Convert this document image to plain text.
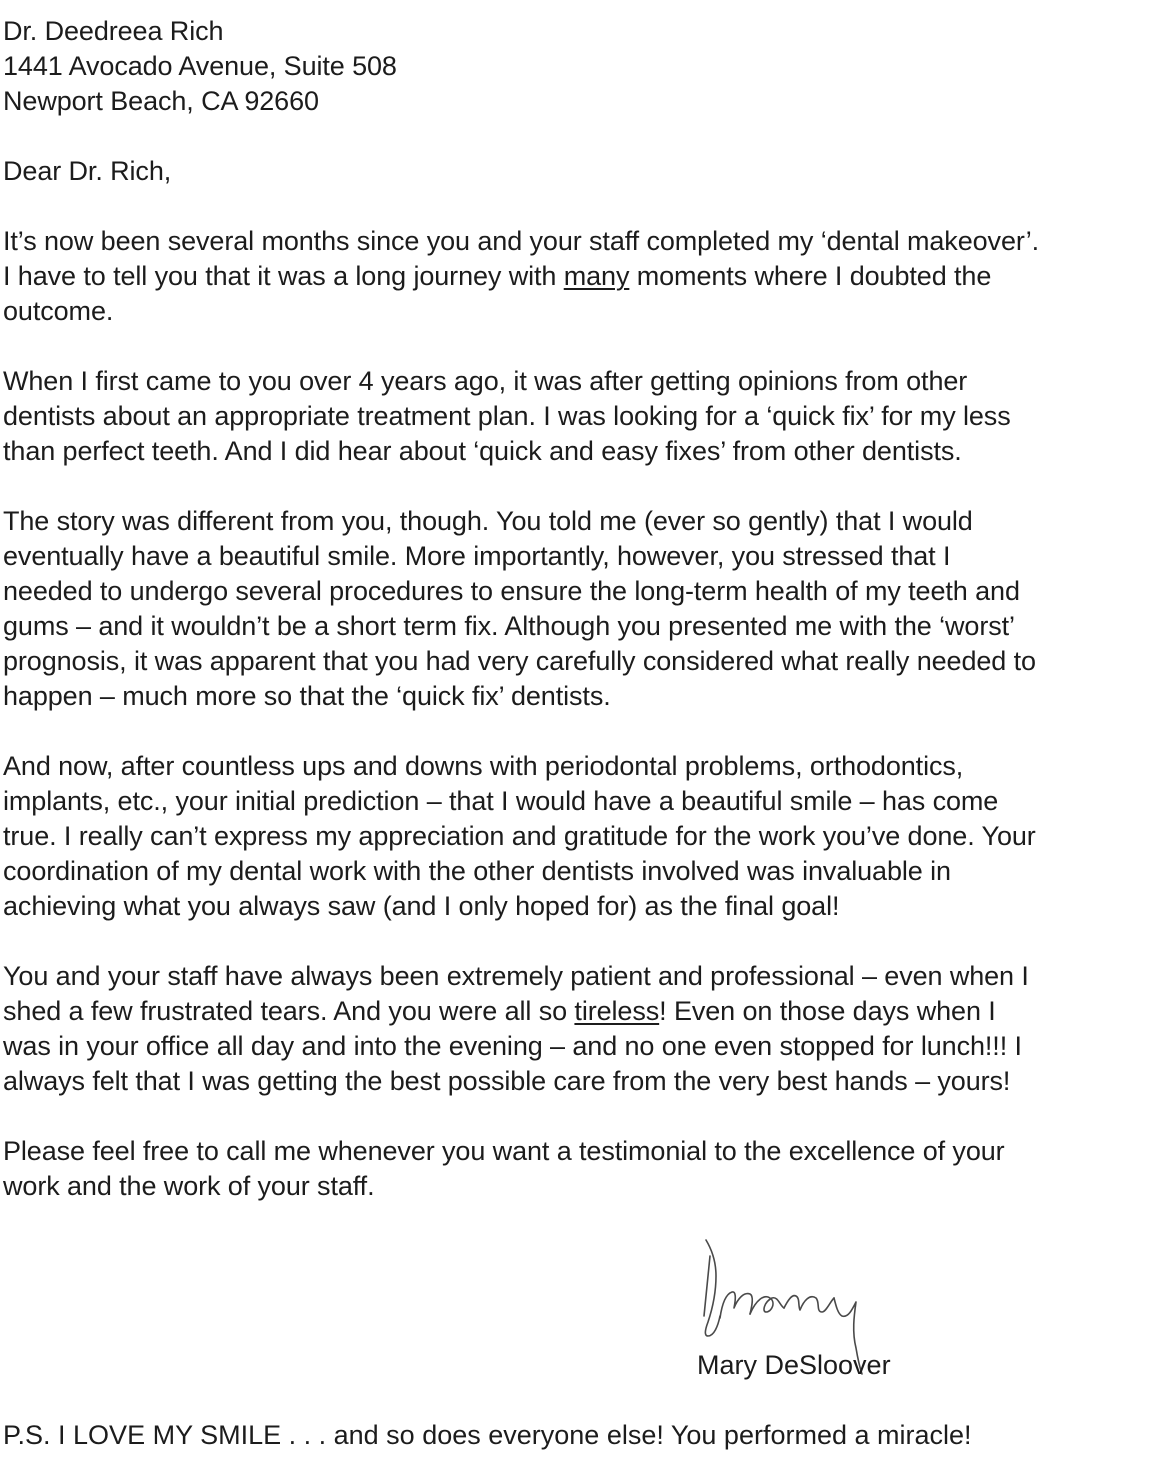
Dr. Deedreea Rich
1441 Avocado Avenue, Suite 508
Newport Beach, CA 92660
Dear Dr. Rich,
It’s now been several months since you and your staff completed my ‘dental makeover’.
I have to tell you that it was a long journey with many moments where I doubted the
outcome.
When I first came to you over 4 years ago, it was after getting opinions from other
dentists about an appropriate treatment plan. I was looking for a ‘quick fix’ for my less
than perfect teeth. And I did hear about ‘quick and easy fixes’ from other dentists.
The story was different from you, though. You told me (ever so gently) that I would
eventually have a beautiful smile. More importantly, however, you stressed that I
needed to undergo several procedures to ensure the long-term health of my teeth and
gums – and it wouldn’t be a short term fix. Although you presented me with the ‘worst’
prognosis, it was apparent that you had very carefully considered what really needed to
happen – much more so that the ‘quick fix’ dentists.
And now, after countless ups and downs with periodontal problems, orthodontics,
implants, etc., your initial prediction – that I would have a beautiful smile – has come
true. I really can’t express my appreciation and gratitude for the work you’ve done. Your
coordination of my dental work with the other dentists involved was invaluable in
achieving what you always saw (and I only hoped for) as the final goal!
You and your staff have always been extremely patient and professional – even when I
shed a few frustrated tears. And you were all so tireless! Even on those days when I
was in your office all day and into the evening – and no one even stopped for lunch!!! I
always felt that I was getting the best possible care from the very best hands – yours!
Please feel free to call me whenever you want a testimonial to the excellence of your
work and the work of your staff.
Mary DeSloover
P.S. I LOVE MY SMILE . . . and so does everyone else! You performed a miracle!
